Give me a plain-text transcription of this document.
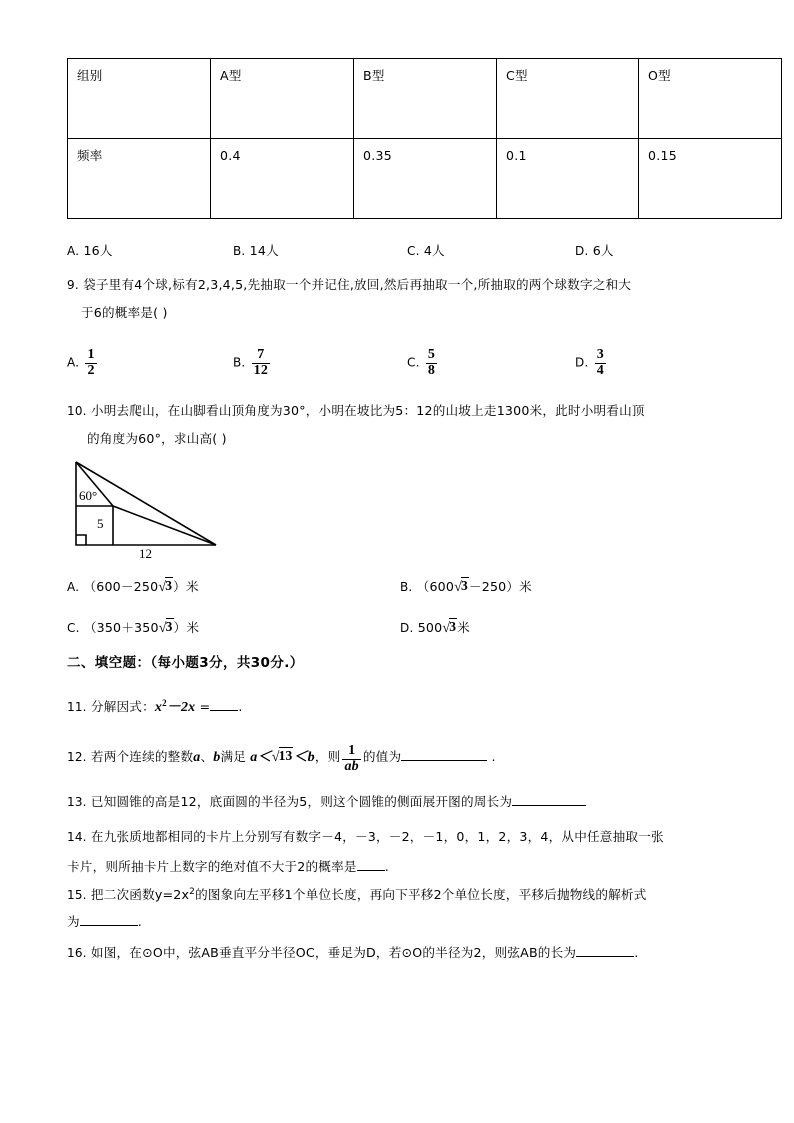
组别	A型	B型	C型	O型
频率	0.4	0.35	0.1	0.15
A. 16人	B. 14人	C. 4人	D. 6人
9. 袋子里有4个球,标有2,3,4,5,先抽取一个并记住,放回,然后再抽取一个,所抽取的两个球数字之和大
于6的概率是( )
A. $\frac{1}{2}$	B. $\frac{7}{12}$	C. $\frac{5}{8}$	D. $\frac{3}{4}$
10. 小明去爬山，在山脚看山顶角度为30°，小明在坡比为5：12的山坡上走1300米，此时小明看山顶
的角度为60°，求山高( )
60°
5
12
A. （600－250√3）米	B. （600√3－250）米
C. （350＋350√3）米	D. 500√3米
二、填空题：（每小题3分，共30分.）
11. 分解因式：$x^2-2x$ = .
12. 若两个连续的整数a、b满足 a＜√13＜b，则 $\frac{1}{ab}$ 的值为	.
13. 已知圆锥的高是12，底面圆的半径为5，则这个圆锥的侧面展开图的周长为
14. 在九张质地都相同的卡片上分别写有数字－4，－3，－2，－1，0，1，2，3，4，从中任意抽取一张
卡片，则所抽卡片上数字的绝对值不大于2的概率是 .
15. 把二次函数$y=2x^2$的图象向左平移1个单位长度，再向下平移2个单位长度，平移后抛物线的解析式
为	.
16. 如图，在⊙O中，弦AB垂直平分半径OC，垂足为D，若⊙O的半径为2，则弦AB的长为	.
